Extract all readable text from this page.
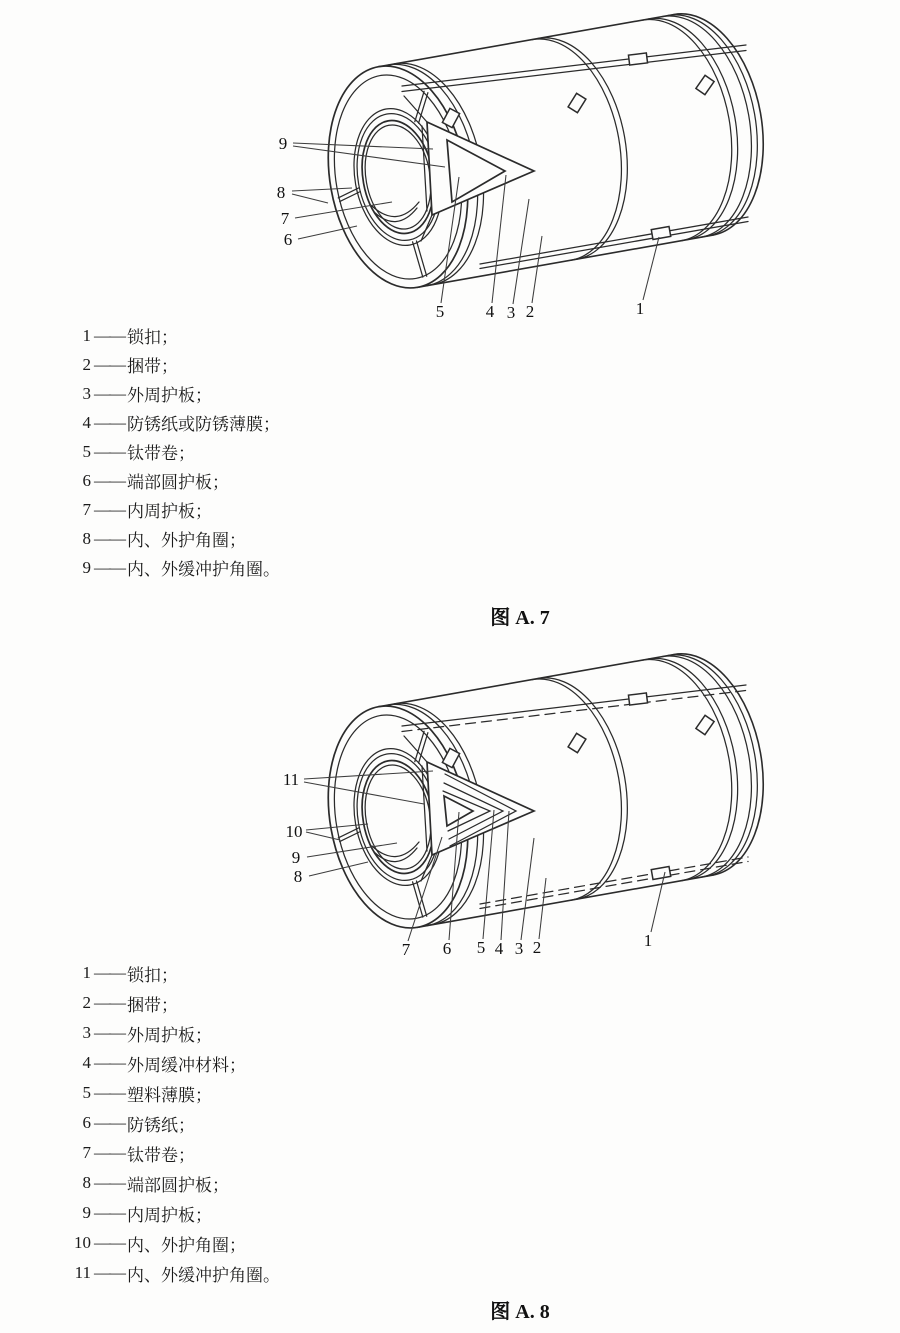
9
8
7
6
5 4 3 2	1
1 —— 锁扣；
2 —— 捆带；
3 —— 外周护板；
4 —— 防锈纸或防锈薄膜；
5 —— 钛带卷；
6 —— 端部圆护板；
7 —— 内周护板；
8 —— 内、外护角圈；
9 —— 内、外缓冲护角圈。
图 A. 7
11
10
9
8
7 6 5 4 3 2	1
1 —— 锁扣；
2 —— 捆带；
3 —— 外周护板；
4 —— 外周缓冲材料；
5 —— 塑料薄膜；
6 —— 防锈纸；
7 —— 钛带卷；
8 —— 端部圆护板；
9 —— 内周护板；
10 —— 内、外护角圈；
11 —— 内、外缓冲护角圈。
图 A. 8
